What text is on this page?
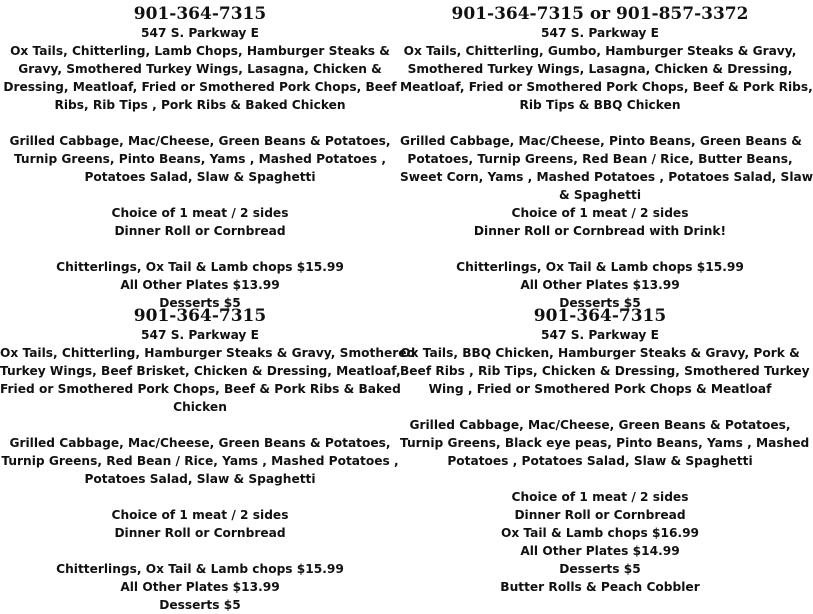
901-364-7315
547 S. Parkway E
Ox Tails, Chitterling, Lamb Chops, Hamburger Steaks &
Gravy, Smothered Turkey Wings, Lasagna, Chicken &
Dressing, Meatloaf, Fried or Smothered Pork Chops, Beef
Ribs, Rib Tips , Pork Ribs & Baked Chicken
Grilled Cabbage, Mac/Cheese, Green Beans & Potatoes,
Turnip Greens, Pinto Beans, Yams , Mashed Potatoes ,
Potatoes Salad, Slaw & Spaghetti
Choice of 1 meat / 2 sides
Dinner Roll or Cornbread
Chitterlings, Ox Tail & Lamb chops $15.99
All Other Plates $13.99
Desserts $5
901-364-7315 or 901-857-3372
547 S. Parkway E
Ox Tails, Chitterling, Gumbo, Hamburger Steaks & Gravy,
Smothered Turkey Wings, Lasagna, Chicken & Dressing,
Meatloaf, Fried or Smothered Pork Chops, Beef & Pork Ribs,
Rib Tips & BBQ Chicken
Grilled Cabbage, Mac/Cheese, Pinto Beans, Green Beans &
Potatoes, Turnip Greens, Red Bean / Rice, Butter Beans,
Sweet Corn, Yams , Mashed Potatoes , Potatoes Salad, Slaw
& Spaghetti
Choice of 1 meat / 2 sides
Dinner Roll or Cornbread with Drink!
Chitterlings, Ox Tail & Lamb chops $15.99
All Other Plates $13.99
Desserts $5
901-364-7315
547 S. Parkway E
Ox Tails, Chitterling, Hamburger Steaks & Gravy, Smothered
Turkey Wings, Beef Brisket, Chicken & Dressing, Meatloaf,
Fried or Smothered Pork Chops, Beef & Pork Ribs & Baked
Chicken
Grilled Cabbage, Mac/Cheese, Green Beans & Potatoes,
Turnip Greens, Red Bean / Rice, Yams , Mashed Potatoes ,
Potatoes Salad, Slaw & Spaghetti
Choice of 1 meat / 2 sides
Dinner Roll or Cornbread
Chitterlings, Ox Tail & Lamb chops $15.99
All Other Plates $13.99
Desserts $5
901-364-7315
547 S. Parkway E
Ox Tails, BBQ Chicken, Hamburger Steaks & Gravy, Pork &
Beef Ribs , Rib Tips, Chicken & Dressing, Smothered Turkey
Wing , Fried or Smothered Pork Chops & Meatloaf
Grilled Cabbage, Mac/Cheese, Green Beans & Potatoes,
Turnip Greens, Black eye peas, Pinto Beans, Yams , Mashed
Potatoes , Potatoes Salad, Slaw & Spaghetti
Choice of 1 meat / 2 sides
Dinner Roll or Cornbread
Ox Tail & Lamb chops $16.99
All Other Plates $14.99
Desserts $5
Butter Rolls & Peach Cobbler
